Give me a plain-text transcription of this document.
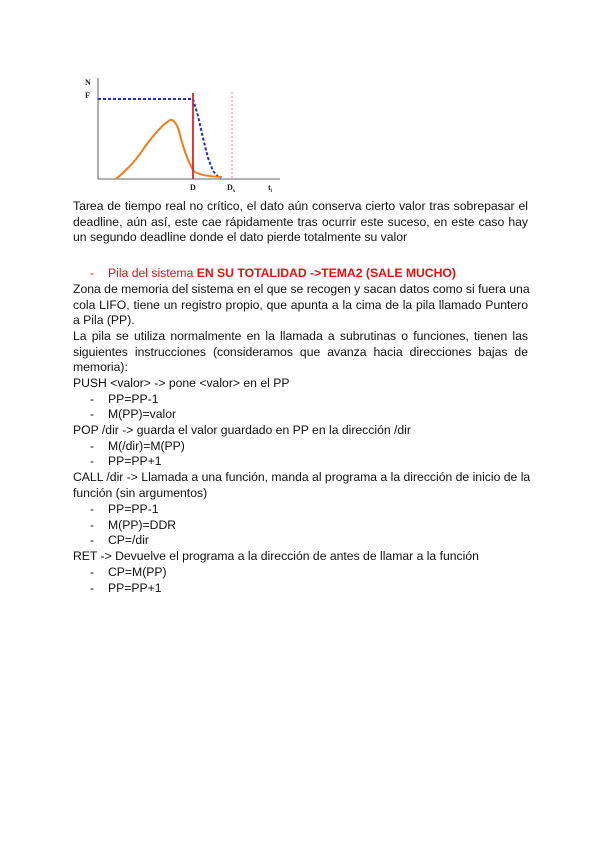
N
F
D	$D_x$	$t_i$
Tarea de tiempo real no crítico, el dato aún conserva cierto valor tras sobrepasar el
deadline, aún así, este cae rápidamente tras ocurrir este suceso, en este caso hay
un segundo deadline donde el dato pierde totalmente su valor
- Pila del sistema EN SU TOTALIDAD ->TEMA2 (SALE MUCHO)
Zona de memoria del sistema en el que se recogen y sacan datos como si fuera una
cola LIFO, tiene un registro propio, que apunta a la cima de la pila llamado Puntero
a Pila (PP).
La pila se utiliza normalmente en la llamada a subrutinas o funciones, tienen las
siguientes instrucciones (consideramos que avanza hacia direcciones bajas de
memoria):
PUSH <valor> -> pone <valor> en el PP
- PP=PP-1
- M(PP)=valor
POP /dir -> guarda el valor guardado en PP en la dirección /dir
- M(/dir)=M(PP)
- PP=PP+1
CALL /dir -> Llamada a una función, manda al programa a la dirección de inicio de la
función (sin argumentos)
- PP=PP-1
- M(PP)=DDR
- CP=/dir
RET -> Devuelve el programa a la dirección de antes de llamar a la función
- CP=M(PP)
- PP=PP+1
